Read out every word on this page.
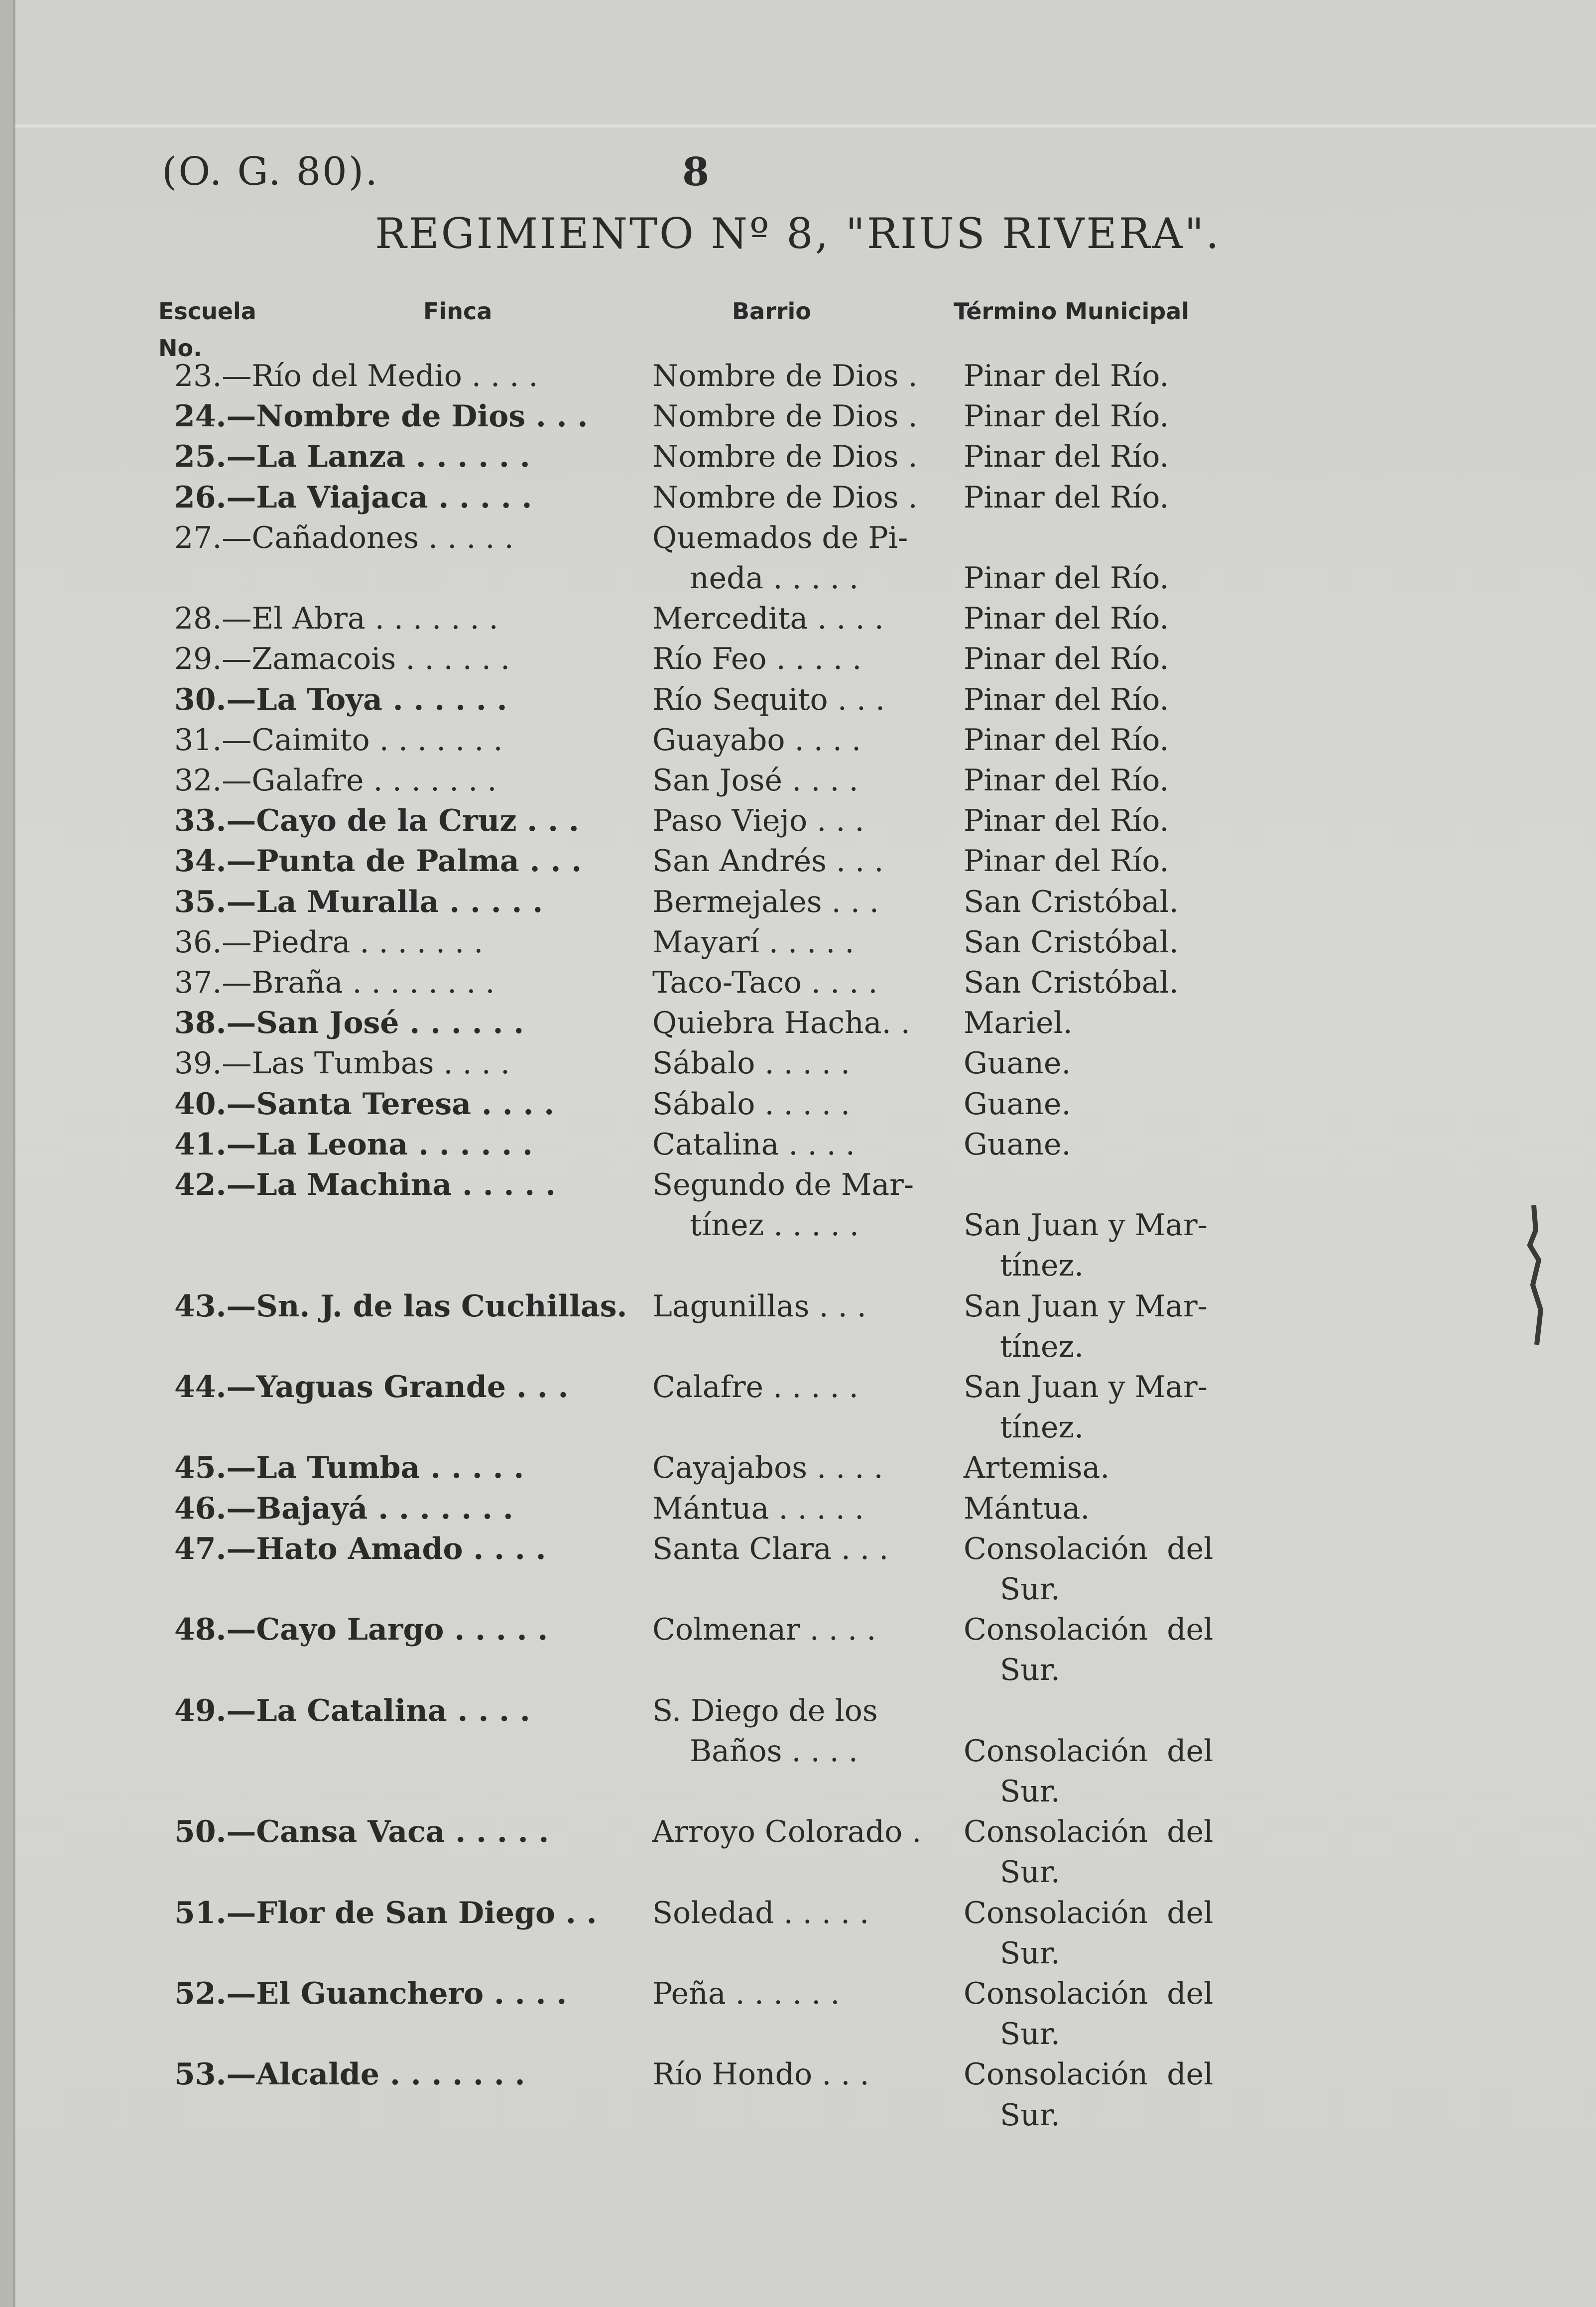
(O. G. 80).	8
REGIMIENTO Nº 8, "RIUS RIVERA".
Escuela
No.
Finca	Barrio	Término Municipal
23.—Río del Medio . . . .	Nombre de Dios . Pinar del Río.
24.—Nombre de Dios . . . Nombre de Dios . Pinar del Río.
25.—La Lanza . . . . . .	Nombre de Dios . Pinar del Río.
26.—La Viajaca . . . . .	Nombre de Dios . Pinar del Río.
27.—Cañadones . . . . .	Quemados de Pi-
neda . . . . .	Pinar del Río.
28.—El Abra . . . . . . .	Mercedita . . . .	Pinar del Río.
29.—Zamacois . . . . . .	Río Feo . . . . .	Pinar del Río.
30.—La Toya . . . . . .	Río Sequito . . .	Pinar del Río.
31.—Caimito . . . . . . .	Guayabo . . . .	Pinar del Río.
32.—Galafre . . . . . . .	San José . . . .	Pinar del Río.
33.—Cayo de la Cruz . . . Paso Viejo . . .	Pinar del Río.
34.—Punta de Palma . . . San Andrés . . .	Pinar del Río.
35.—La Muralla . . . . .	Bermejales . . .	San Cristóbal.
36.—Piedra . . . . . . .	Mayarí . . . . .	San Cristóbal.
37.—Braña . . . . . . . .	Taco-Taco . . . .	San Cristóbal.
38.—San José . . . . . .	Quiebra Hacha. . Mariel.
39.—Las Tumbas . . . .	Sábalo . . . . .	Guane.
40.—Santa Teresa . . . .	Sábalo . . . . .	Guane.
41.—La Leona . . . . . .	Catalina . . . .	Guane.
42.—La Machina . . . . .	Segundo de Mar-
tínez . . . . .	San Juan y Mar-
tínez.
43.—Sn. J. de las Cuchillas. Lagunillas . . .	San Juan y Mar-
tínez.
44.—Yaguas Grande . . .	Calafre . . . . .	San Juan y Mar-
tínez.
45.—La Tumba . . . . .	Cayajabos . . . .	Artemisa.
46.—Bajayá . . . . . . .	Mántua . . . . .	Mántua.
47.—Hato Amado . . . .	Santa Clara . . .	Consolación  del
Sur.
48.—Cayo Largo . . . . .	Colmenar . . . .	Consolación  del
Sur.
49.—La Catalina . . . .	S. Diego de los
Baños . . . .	Consolación  del
Sur.
50.—Cansa Vaca . . . . .	Arroyo Colorado . Consolación  del
Sur.
51.—Flor de San Diego . . Soledad . . . . .	Consolación  del
Sur.
52.—El Guanchero . . . .	Peña . . . . . .	Consolación  del
Sur.
53.—Alcalde . . . . . . .	Río Hondo . . .	Consolación  del
Sur.
